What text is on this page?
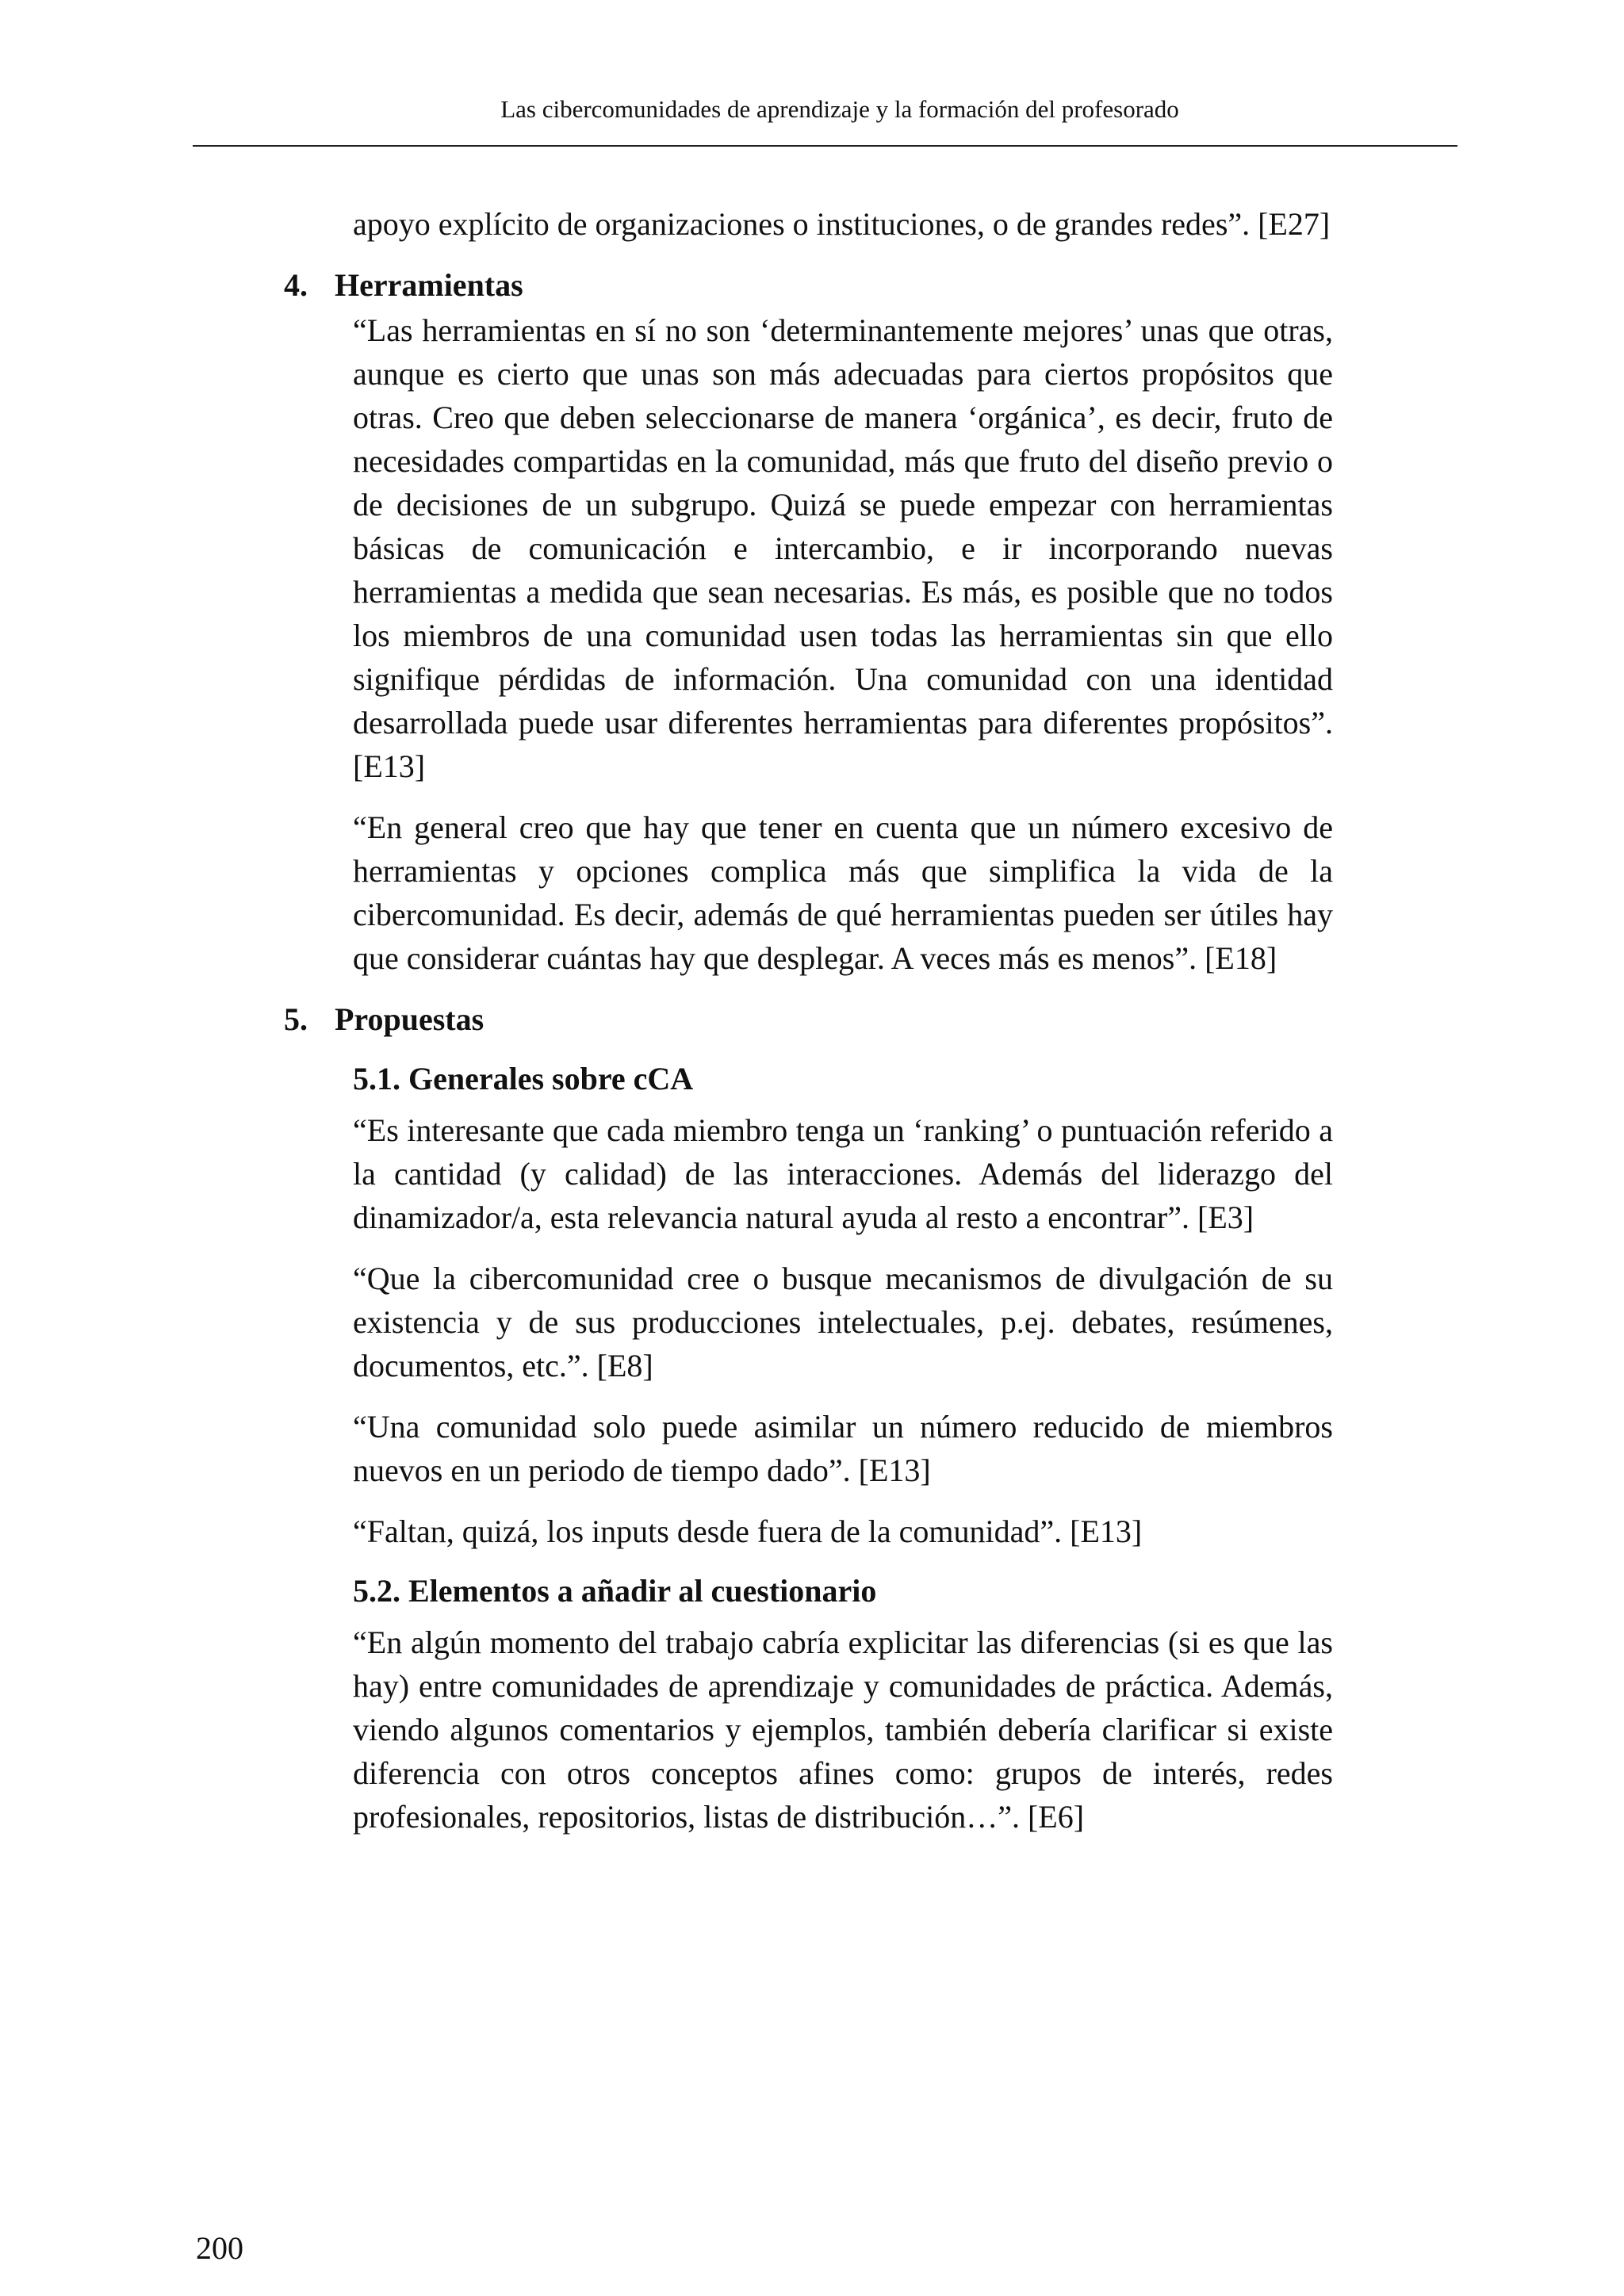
Las cibercomunidades de aprendizaje y la formación del profesorado

apoyo explícito de organizaciones o instituciones, o de grandes redes”. [E27]

4. Herramientas

“Las herramientas en sí no son ‘determinantemente mejores’ unas que otras, aunque es cierto que unas son más adecuadas para ciertos propósitos que otras. Creo que deben seleccionarse de manera ‘orgánica’, es decir, fruto de necesidades compartidas en la comunidad, más que fruto del diseño previo o de decisiones de un subgrupo. Quizá se puede empezar con herramientas básicas de comunicación e intercambio, e ir incorporando nuevas herramientas a medida que sean necesarias. Es más, es posible que no todos los miembros de una comunidad usen todas las herramientas sin que ello signifique pérdidas de información. Una comunidad con una identidad desarrollada puede usar diferentes herramientas para diferentes propósitos”. [E13]

“En general creo que hay que tener en cuenta que un número excesivo de herramientas y opciones complica más que simplifica la vida de la cibercomunidad. Es decir, además de qué herramientas pueden ser útiles hay que considerar cuántas hay que desplegar. A veces más es menos”. [E18]

5. Propuestas
5.1. Generales sobre cCA

“Es interesante que cada miembro tenga un ‘ranking’ o puntuación referido a la cantidad (y calidad) de las interacciones. Además del liderazgo del dinamizador/a, esta relevancia natural ayuda al resto a encontrar”. [E3]

“Que la cibercomunidad cree o busque mecanismos de divulgación de su existencia y de sus producciones intelectuales, p.ej. debates, resúmenes, documentos, etc.”. [E8]

“Una comunidad solo puede asimilar un número reducido de miembros nuevos en un periodo de tiempo dado”. [E13]

“Faltan, quizá, los inputs desde fuera de la comunidad”. [E13]

5.2. Elementos a añadir al cuestionario

“En algún momento del trabajo cabría explicitar las diferencias (si es que las hay) entre comunidades de aprendizaje y comunidades de práctica. Además, viendo algunos comentarios y ejemplos, también debería clarificar si existe diferencia con otros conceptos afines como: grupos de interés, redes profesionales, repositorios, listas de distribución…”. [E6]

200
